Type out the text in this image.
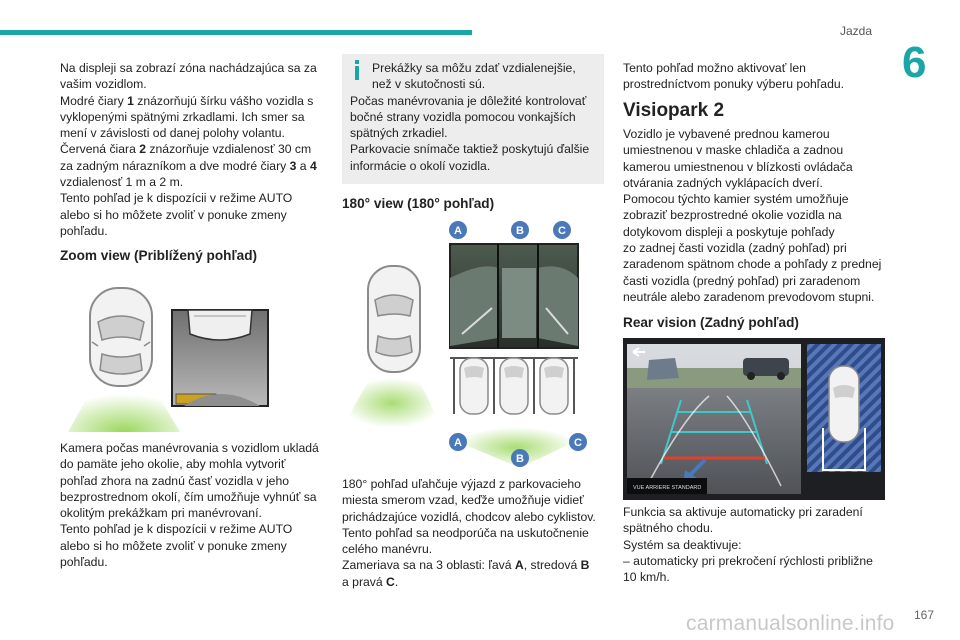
Jazda
6

Na displeji sa zobrazí zóna nachádzajúca sa za
vašim vozidlom.
Modré čiary 1 znázorňujú šírku vášho vozidla s
vyklopenými spätnými zrkadlami. Ich smer sa
mení v závislosti od danej polohy volantu.
Červená čiara 2 znázorňuje vzdialenosť 30 cm
za zadným nárazníkom a dve modré čiary 3 a 4
vzdialenosť 1 m a 2 m.
Tento pohľad je k dispozícii v režime AUTO
alebo si ho môžete zvoliť v ponuke zmeny
pohľadu.

Zoom view (Priblížený pohľad)

Kamera počas manévrovania s vozidlom ukladá
do pamäte jeho okolie, aby mohla vytvoriť
pohľad zhora na zadnú časť vozidla v jeho
bezprostrednom okolí, čím umožňuje vyhnúť sa
okolitým prekážkam pri manévrovaní.
Tento pohľad je k dispozícii v režime AUTO
alebo si ho môžete zvoliť v ponuke zmeny
pohľadu.

Prekážky sa môžu zdať vzdialenejšie,
než v skutočnosti sú.
Počas manévrovania je dôležité kontrolovať
bočné strany vozidla pomocou vonkajších
spätných zrkadiel.
Parkovacie snímače taktiež poskytujú ďalšie
informácie o okolí vozidla.
180° view (180° pohľad)
A	B	C
A
B
C

180° pohľad uľahčuje výjazd z parkovacieho
miesta smerom vzad, keďže umožňuje vidieť
prichádzajúce vozidlá, chodcov alebo cyklistov.
Tento pohľad sa neodporúča na uskutočnenie
celého manévru.
Zameriava sa na 3 oblasti: ľavá A, stredová B
a pravá C.

Tento pohľad možno aktivovať len
prostredníctvom ponuky výberu pohľadu.

Visiopark 2

Vozidlo je vybavené prednou kamerou
umiestnenou v maske chladiča a zadnou
kamerou umiestnenou v blízkosti ovládača
otvárania zadných vyklápacích dverí.
Pomocou týchto kamier systém umožňuje
zobraziť bezprostredné okolie vozidla na
dotykovom displeji a poskytuje pohľady
zo zadnej časti vozidla (zadný pohľad) pri
zaradenom spätnom chode a pohľady z prednej
časti vozidla (predný pohľad) pri zaradenom
neutrále alebo zaradenom prevodovom stupni.

Rear vision (Zadný pohľad)
VUE ARRIERE STANDARD

Funkcia sa aktivuje automaticky pri zaradení
spätného chodu.
Systém sa deaktivuje:
– automaticky pri prekročení rýchlosti približne
10 km/h.

carmanualsonline.info 167
